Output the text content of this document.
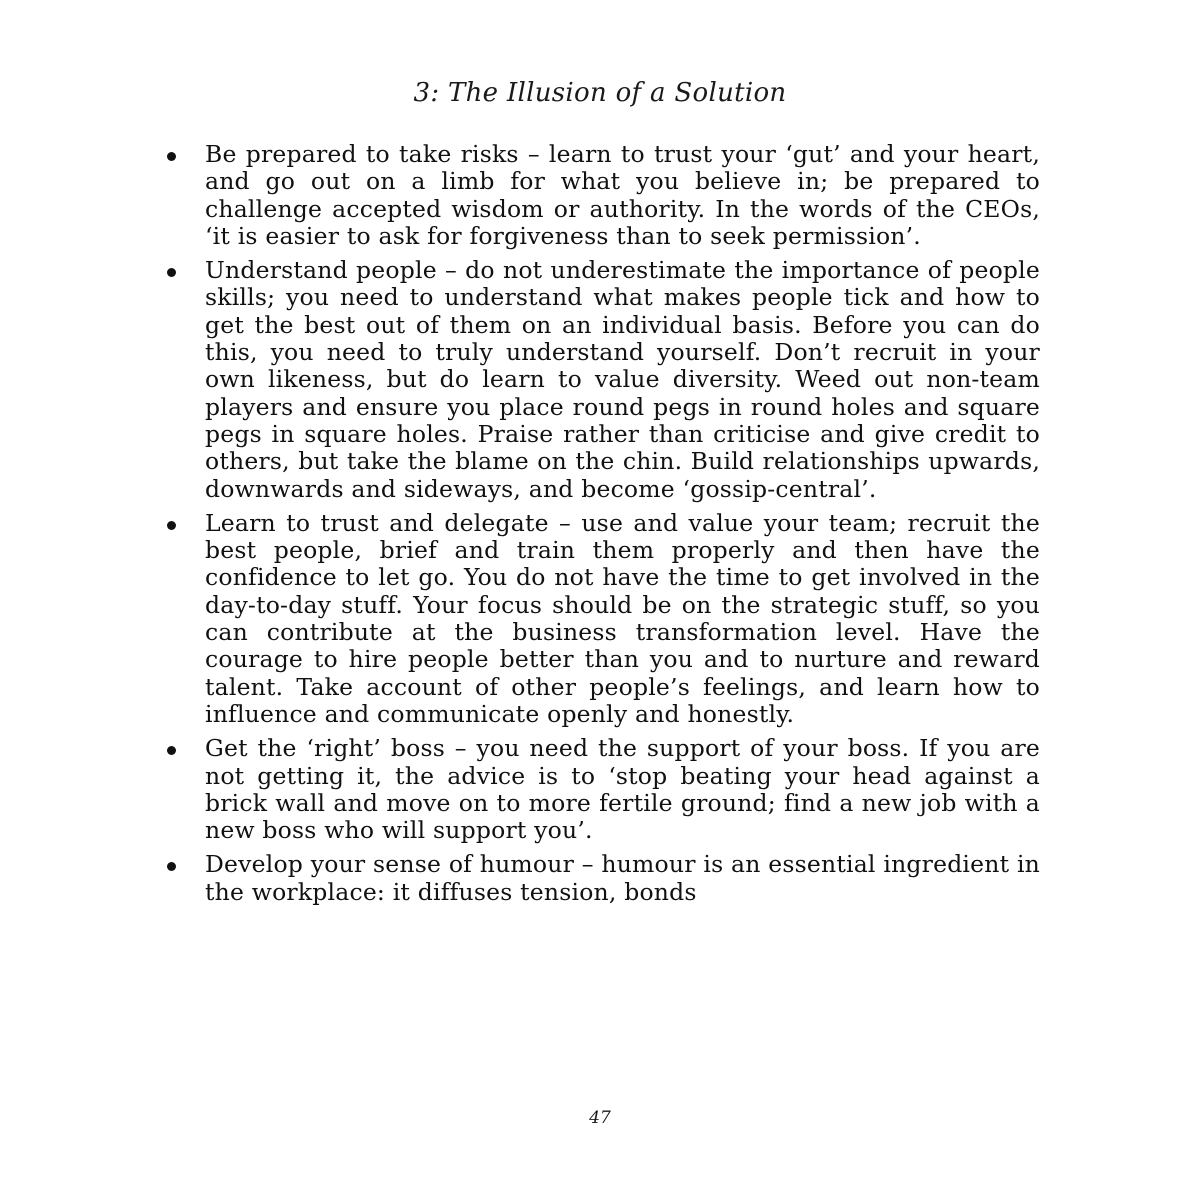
3: The Illusion of a Solution
Be prepared to take risks – learn to trust your ‘gut’ and your heart, and go out on a limb for what you believe in; be prepared to challenge accepted wisdom or authority. In the words of the CEOs, ‘it is easier to ask for forgiveness than to seek permission’.
Understand people – do not underestimate the importance of people skills; you need to understand what makes people tick and how to get the best out of them on an individual basis. Before you can do this, you need to truly understand yourself. Don’t recruit in your own likeness, but do learn to value diversity. Weed out non-team players and ensure you place round pegs in round holes and square pegs in square holes. Praise rather than criticise and give credit to others, but take the blame on the chin. Build relationships upwards, downwards and sideways, and become ‘gossip-central’.
Learn to trust and delegate – use and value your team; recruit the best people, brief and train them properly and then have the confidence to let go. You do not have the time to get involved in the day-to-day stuff. Your focus should be on the strategic stuff, so you can contribute at the business transformation level. Have the courage to hire people better than you and to nurture and reward talent. Take account of other people’s feelings, and learn how to influence and communicate openly and honestly.
Get the ‘right’ boss – you need the support of your boss. If you are not getting it, the advice is to ‘stop beating your head against a brick wall and move on to more fertile ground; find a new job with a new boss who will support you’.
Develop your sense of humour – humour is an essential ingredient in the workplace: it diffuses tension, bonds
47
